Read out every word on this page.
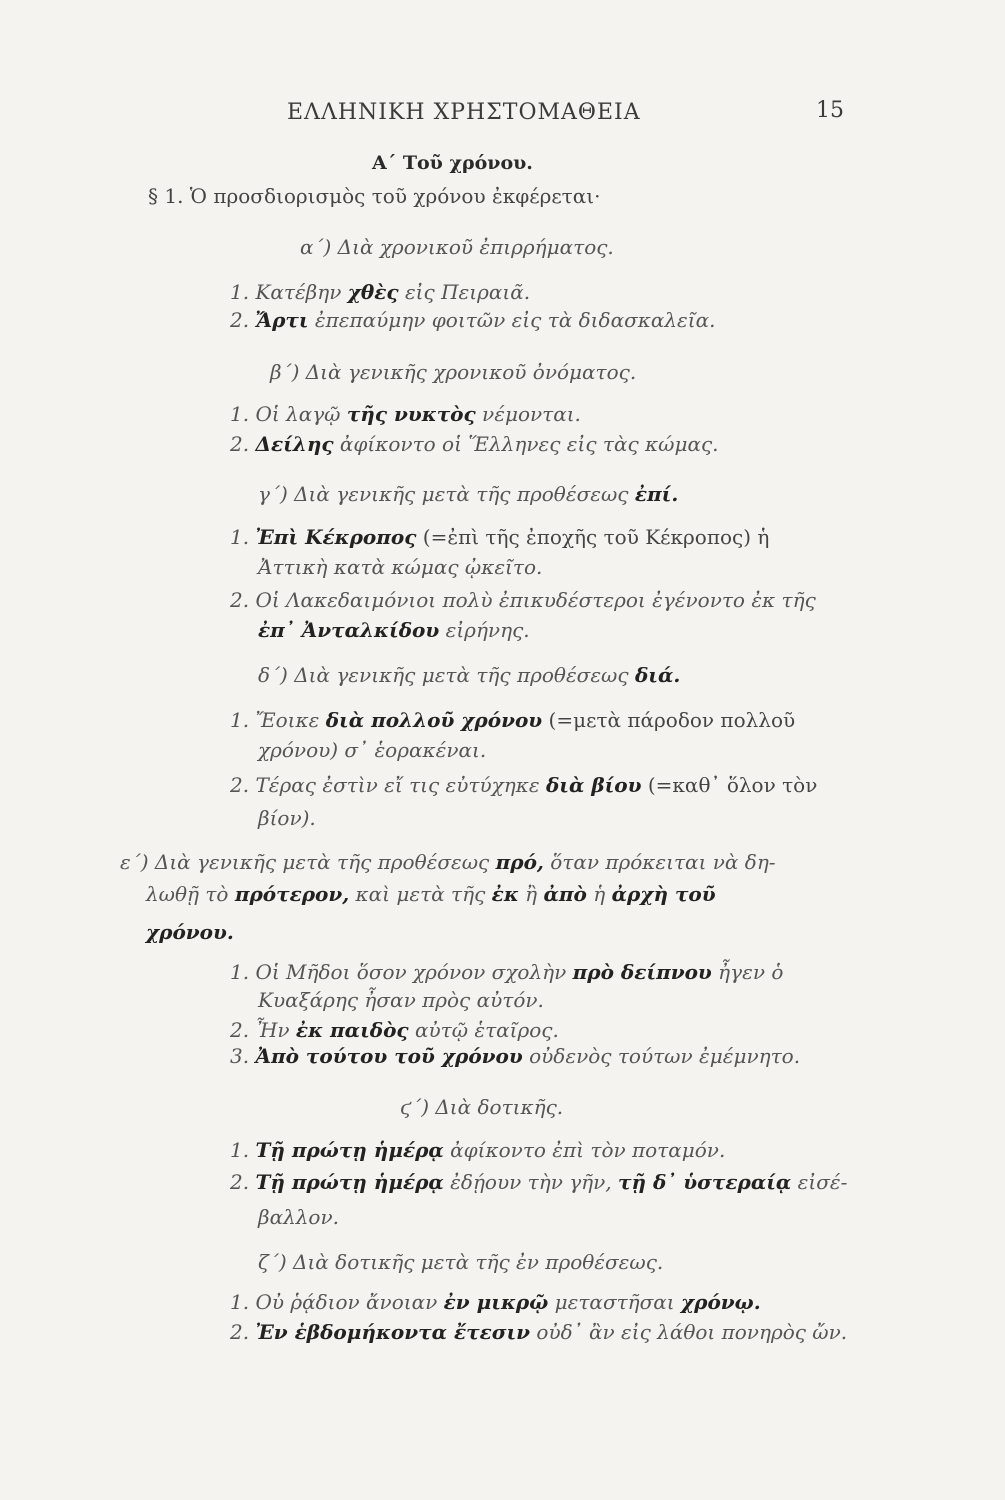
ΕΛΛΗΝΙΚΗ ΧΡΗΣΤΟΜΑΘΕΙΑ	15
Α΄ Τοῦ χρόνου.
§ 1. Ὁ προσδιορισμὸς τοῦ χρόνου ἐκφέρεται·
α΄) Διὰ χρονικοῦ ἐπιρρήματος.
1. Κατέβην χθὲς εἰς Πειραιᾶ.
2. Ἄρτι ἐπεπαύμην φοιτῶν εἰς τὰ διδασκαλεῖα.
β΄) Διὰ γενικῆς χρονικοῦ ὀνόματος.
1. Οἱ λαγῷ τῆς νυκτὸς νέμονται.
2. Δείλης ἀφίκοντο οἱ Ἕλληνες εἰς τὰς κώμας.
γ΄) Διὰ γενικῆς μετὰ τῆς προθέσεως ἐπί.
1. Ἐπὶ Κέκροπος (=ἐπὶ τῆς ἐποχῆς τοῦ Κέκροπος) ἡ
Ἀττικὴ κατὰ κώμας ᾠκεῖτο.
2. Οἱ Λακεδαιμόνιοι πολὺ ἐπικυδέστεροι ἐγένοντο ἐκ τῆς
ἐπ᾿ Ἀνταλκίδου εἰρήνης.
δ΄) Διὰ γενικῆς μετὰ τῆς προθέσεως διά.
1. Ἔοικε διὰ πολλοῦ χρόνου (=μετὰ πάροδον πολλοῦ
χρόνου) σ᾿ ἑορακέναι.
2. Τέρας ἐστὶν εἴ τις εὐτύχηκε διὰ βίου (=καθ᾿ ὅλον τὸν
βίον).
ε΄) Διὰ γενικῆς μετὰ τῆς προθέσεως πρό, ὅταν πρόκειται νὰ δη-
λωθῇ τὸ πρότερον, καὶ μετὰ τῆς ἐκ ἢ ἀπὸ ἡ ἀρχὴ τοῦ
χρόνου.
1. Οἱ Μῆδοι ὅσον χρόνον σχολὴν πρὸ δείπνου ἦγεν ὁ
Κυαξάρης ἦσαν πρὸς αὐτόν.
2. Ἦν ἐκ παιδὸς αὐτῷ ἑταῖρος.
3. Ἀπὸ τούτου τοῦ χρόνου οὐδενὸς τούτων ἐμέμνητο.
ϛ΄) Διὰ δοτικῆς.
1. Τῇ πρώτῃ ἡμέρᾳ ἀφίκοντο ἐπὶ τὸν ποταμόν.
2. Τῇ πρώτῃ ἡμέρᾳ ἐδῄουν τὴν γῆν, τῇ δ᾿ ὑστεραίᾳ εἰσέ-
βαλλον.
ζ΄) Διὰ δοτικῆς μετὰ τῆς ἐν προθέσεως.
1. Οὐ ῥᾴδιον ἄνοιαν ἐν μικρῷ μεταστῆσαι χρόνῳ.
2. Ἐν ἑβδομήκοντα ἔτεσιν οὐδ᾿ ἂν εἰς λάθοι πονηρὸς ὤν.
